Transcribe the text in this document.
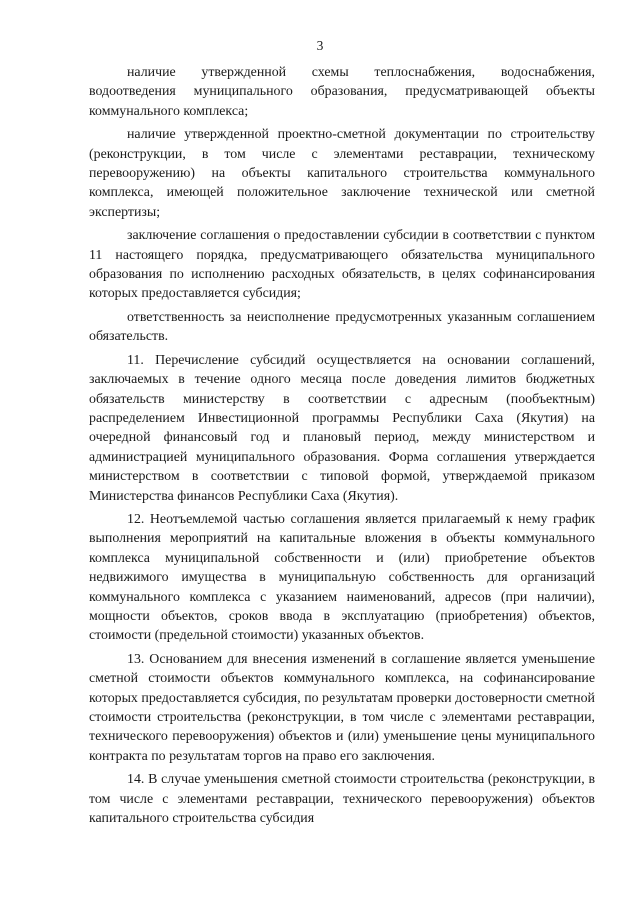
3

наличие утвержденной схемы теплоснабжения, водоснабжения, водоотведения муниципального образования, предусматривающей объекты коммунального комплекса;

наличие утвержденной проектно-сметной документации по строительству (реконструкции, в том числе с элементами реставрации, техническому перевооружению) на объекты капитального строительства коммунального комплекса, имеющей положительное заключение технической или сметной экспертизы;

заключение соглашения о предоставлении субсидии в соответствии с пунктом 11 настоящего порядка, предусматривающего обязательства муниципального образования по исполнению расходных обязательств, в целях софинансирования которых предоставляется субсидия;

ответственность за неисполнение предусмотренных указанным соглашением обязательств.

11. Перечисление субсидий осуществляется на основании соглашений, заключаемых в течение одного месяца после доведения лимитов бюджетных обязательств министерству в соответствии с адресным (пообъектным) распределением Инвестиционной программы Республики Саха (Якутия) на очередной финансовый год и плановый период, между министерством и администрацией муниципального образования. Форма соглашения утверждается министерством в соответствии с типовой формой, утверждаемой приказом Министерства финансов Республики Саха (Якутия).

12. Неотъемлемой частью соглашения является прилагаемый к нему график выполнения мероприятий на капитальные вложения в объекты коммунального комплекса муниципальной собственности и (или) приобретение объектов недвижимого имущества в муниципальную собственность для организаций коммунального комплекса с указанием наименований, адресов (при наличии), мощности объектов, сроков ввода в эксплуатацию (приобретения) объектов, стоимости (предельной стоимости) указанных объектов.

13. Основанием для внесения изменений в соглашение является уменьшение сметной стоимости объектов коммунального комплекса, на софинансирование которых предоставляется субсидия, по результатам проверки достоверности сметной стоимости строительства (реконструкции, в том числе с элементами реставрации, технического перевооружения) объектов и (или) уменьшение цены муниципального контракта по результатам торгов на право его заключения.

14. В случае уменьшения сметной стоимости строительства (реконструкции, в том числе с элементами реставрации, технического перевооружения) объектов капитального строительства субсидия
